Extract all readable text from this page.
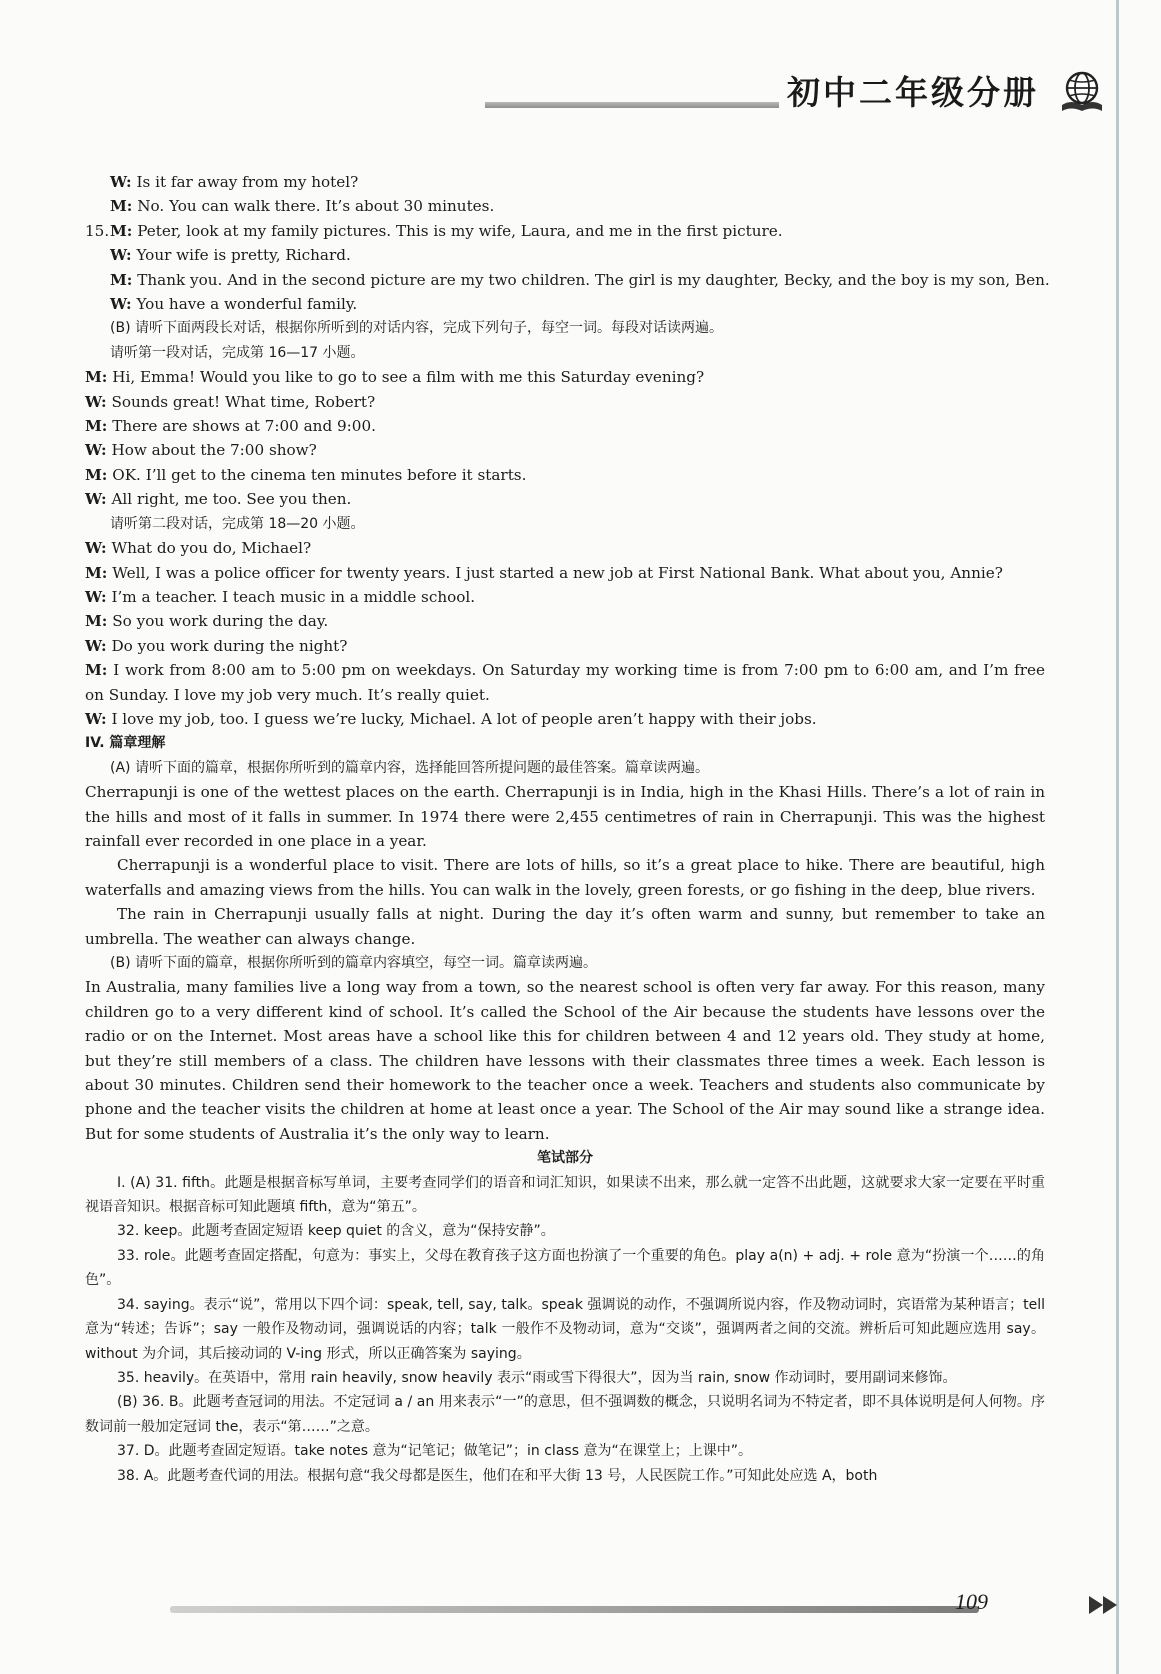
初中二年级分册
W: Is it far away from my hotel?
M: No. You can walk there. It’s about 30 minutes.
15.M: Peter, look at my family pictures. This is my wife, Laura, and me in the first picture.
W: Your wife is pretty, Richard.
M: Thank you. And in the second picture are my two children. The girl is my daughter, Becky, and the boy is my son, Ben.
W: You have a wonderful family.
(B) 请听下面两段长对话，根据你所听到的对话内容，完成下列句子，每空一词。每段对话读两遍。
请听第一段对话，完成第 16—17 小题。
M: Hi, Emma! Would you like to go to see a film with me this Saturday evening?
W: Sounds great! What time, Robert?
M: There are shows at 7:00 and 9:00.
W: How about the 7:00 show?
M: OK. I’ll get to the cinema ten minutes before it starts.
W: All right, me too. See you then.
请听第二段对话，完成第 18—20 小题。
W: What do you do, Michael?
M: Well, I was a police officer for twenty years. I just started a new job at First National Bank. What about you, Annie?
W: I’m a teacher. I teach music in a middle school.
M: So you work during the day.
W: Do you work during the night?
M: I work from 8:00 am to 5:00 pm on weekdays. On Saturday my working time is from 7:00 pm to 6:00 am, and I’m free on Sunday. I love my job very much. It’s really quiet.
W: I love my job, too. I guess we’re lucky, Michael. A lot of people aren’t happy with their jobs.
IV. 篇章理解
(A) 请听下面的篇章，根据你所听到的篇章内容，选择能回答所提问题的最佳答案。篇章读两遍。
Cherrapunji is one of the wettest places on the earth. Cherrapunji is in India, high in the Khasi Hills. There’s a lot of rain in the hills and most of it falls in summer. In 1974 there were 2,455 centimetres of rain in Cherrapunji. This was the highest rainfall ever recorded in one place in a year.
Cherrapunji is a wonderful place to visit. There are lots of hills, so it’s a great place to hike. There are beautiful, high waterfalls and amazing views from the hills. You can walk in the lovely, green forests, or go fishing in the deep, blue rivers.
The rain in Cherrapunji usually falls at night. During the day it’s often warm and sunny, but remember to take an umbrella. The weather can always change.
(B) 请听下面的篇章，根据你所听到的篇章内容填空，每空一词。篇章读两遍。
In Australia, many families live a long way from a town, so the nearest school is often very far away. For this reason, many children go to a very different kind of school. It’s called the School of the Air because the students have lessons over the radio or on the Internet. Most areas have a school like this for children between 4 and 12 years old. They study at home, but they’re still members of a class. The children have lessons with their classmates three times a week. Each lesson is about 30 minutes. Children send their homework to the teacher once a week. Teachers and students also communicate by phone and the teacher visits the children at home at least once a year. The School of the Air may sound like a strange idea. But for some students of Australia it’s the only way to learn.
笔试部分
I. (A) 31. fifth。此题是根据音标写单词，主要考查同学们的语音和词汇知识，如果读不出来，那么就一定答不出此题，这就要求大家一定要在平时重视语音知识。根据音标可知此题填 fifth，意为“第五”。
32. keep。此题考查固定短语 keep quiet 的含义，意为“保持安静”。
33. role。此题考查固定搭配，句意为：事实上，父母在教育孩子这方面也扮演了一个重要的角色。play a(n) + adj. + role 意为“扮演一个……的角色”。
34. saying。表示“说”，常用以下四个词：speak, tell, say, talk。speak 强调说的动作，不强调所说内容，作及物动词时，宾语常为某种语言；tell 意为“转述；告诉”；say 一般作及物动词，强调说话的内容；talk 一般作不及物动词，意为“交谈”，强调两者之间的交流。辨析后可知此题应选用 say。without 为介词，其后接动词的 V-ing 形式，所以正确答案为 saying。
35. heavily。在英语中，常用 rain heavily, snow heavily 表示“雨或雪下得很大”，因为当 rain, snow 作动词时，要用副词来修饰。
(B) 36. B。此题考查冠词的用法。不定冠词 a / an 用来表示“一”的意思，但不强调数的概念，只说明名词为不特定者，即不具体说明是何人何物。序数词前一般加定冠词 the，表示“第……”之意。
37. D。此题考查固定短语。take notes 意为“记笔记；做笔记”；in class 意为“在课堂上；上课中”。
38. A。此题考查代词的用法。根据句意“我父母都是医生，他们在和平大街 13 号，人民医院工作。”可知此处应选 A，both
109
